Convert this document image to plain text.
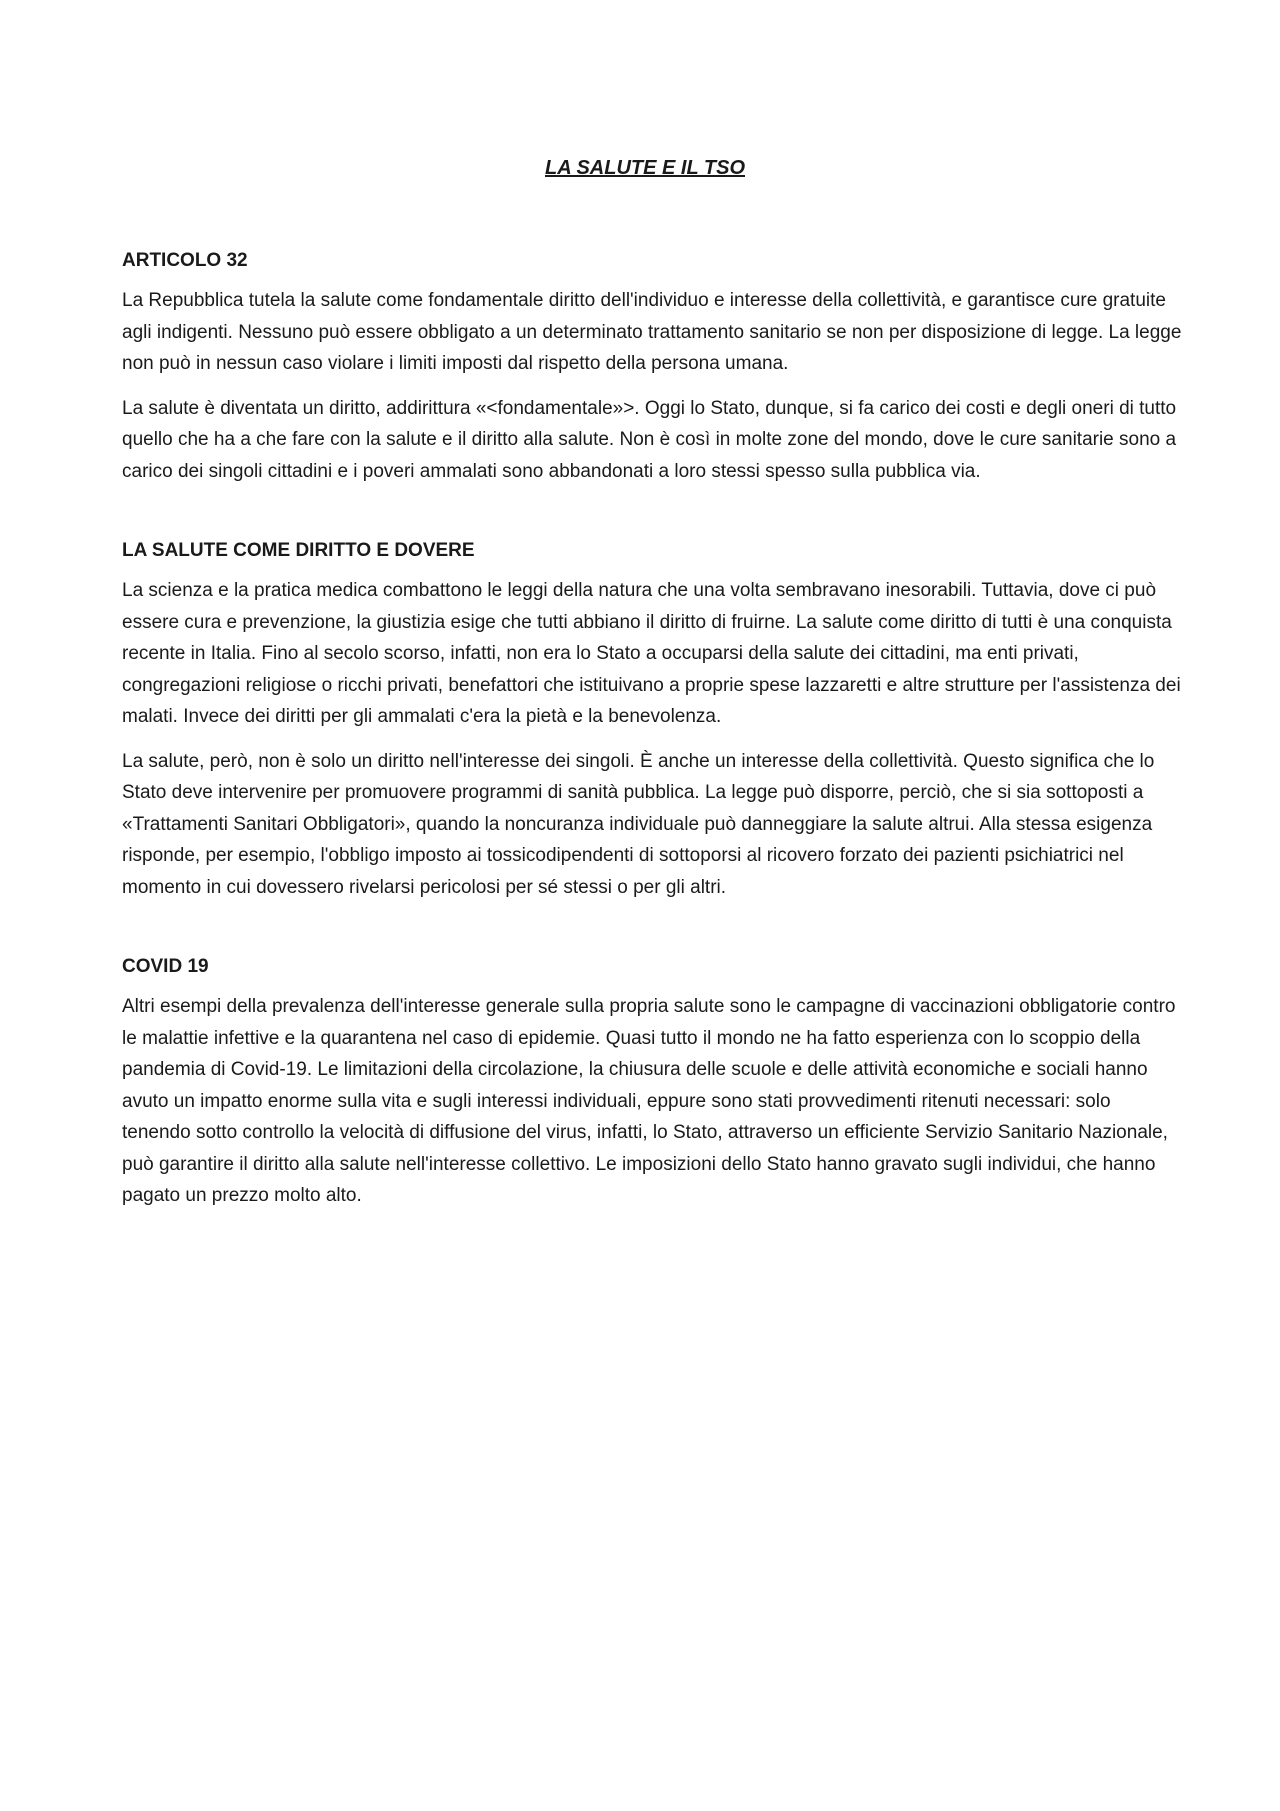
LA SALUTE E IL TSO
ARTICOLO 32

La Repubblica tutela la salute come fondamentale diritto dell'individuo e interesse della collettività, e garantisce cure gratuite agli indigenti. Nessuno può essere obbligato a un determinato trattamento sanitario se non per disposizione di legge. La legge non può in nessun caso violare i limiti imposti dal rispetto della persona umana.

La salute è diventata un diritto, addirittura «<fondamentale»>. Oggi lo Stato, dunque, si fa carico dei costi e degli oneri di tutto quello che ha a che fare con la salute e il diritto alla salute. Non è così in molte zone del mondo, dove le cure sanitarie sono a carico dei singoli cittadini e i poveri ammalati sono abbandonati a loro stessi spesso sulla pubblica via.

LA SALUTE COME DIRITTO E DOVERE

La scienza e la pratica medica combattono le leggi della natura che una volta sembravano inesorabili. Tuttavia, dove ci può essere cura e prevenzione, la giustizia esige che tutti abbiano il diritto di fruirne. La salute come diritto di tutti è una conquista recente in Italia. Fino al secolo scorso, infatti, non era lo Stato a occuparsi della salute dei cittadini, ma enti privati, congregazioni religiose o ricchi privati, benefattori che istituivano a proprie spese lazzaretti e altre strutture per l'assistenza dei malati. Invece dei diritti per gli ammalati c'era la pietà e la benevolenza.

La salute, però, non è solo un diritto nell'interesse dei singoli. È anche un interesse della collettività. Questo significa che lo Stato deve intervenire per promuovere programmi di sanità pubblica. La legge può disporre, perciò, che si sia sottoposti a «Trattamenti Sanitari Obbligatori», quando la noncuranza individuale può danneggiare la salute altrui. Alla stessa esigenza risponde, per esempio, l'obbligo imposto ai tossicodipendenti di sottoporsi al ricovero forzato dei pazienti psichiatrici nel momento in cui dovessero rivelarsi pericolosi per sé stessi o per gli altri.

COVID 19

Altri esempi della prevalenza dell'interesse generale sulla propria salute sono le campagne di vaccinazioni obbligatorie contro le malattie infettive e la quarantena nel caso di epidemie. Quasi tutto il mondo ne ha fatto esperienza con lo scoppio della pandemia di Covid-19. Le limitazioni della circolazione, la chiusura delle scuole e delle attività economiche e sociali hanno avuto un impatto enorme sulla vita e sugli interessi individuali, eppure sono stati provvedimenti ritenuti necessari: solo tenendo sotto controllo la velocità di diffusione del virus, infatti, lo Stato, attraverso un efficiente Servizio Sanitario Nazionale, può garantire il diritto alla salute nell'interesse collettivo. Le imposizioni dello Stato hanno gravato sugli individui, che hanno pagato un prezzo molto alto.
